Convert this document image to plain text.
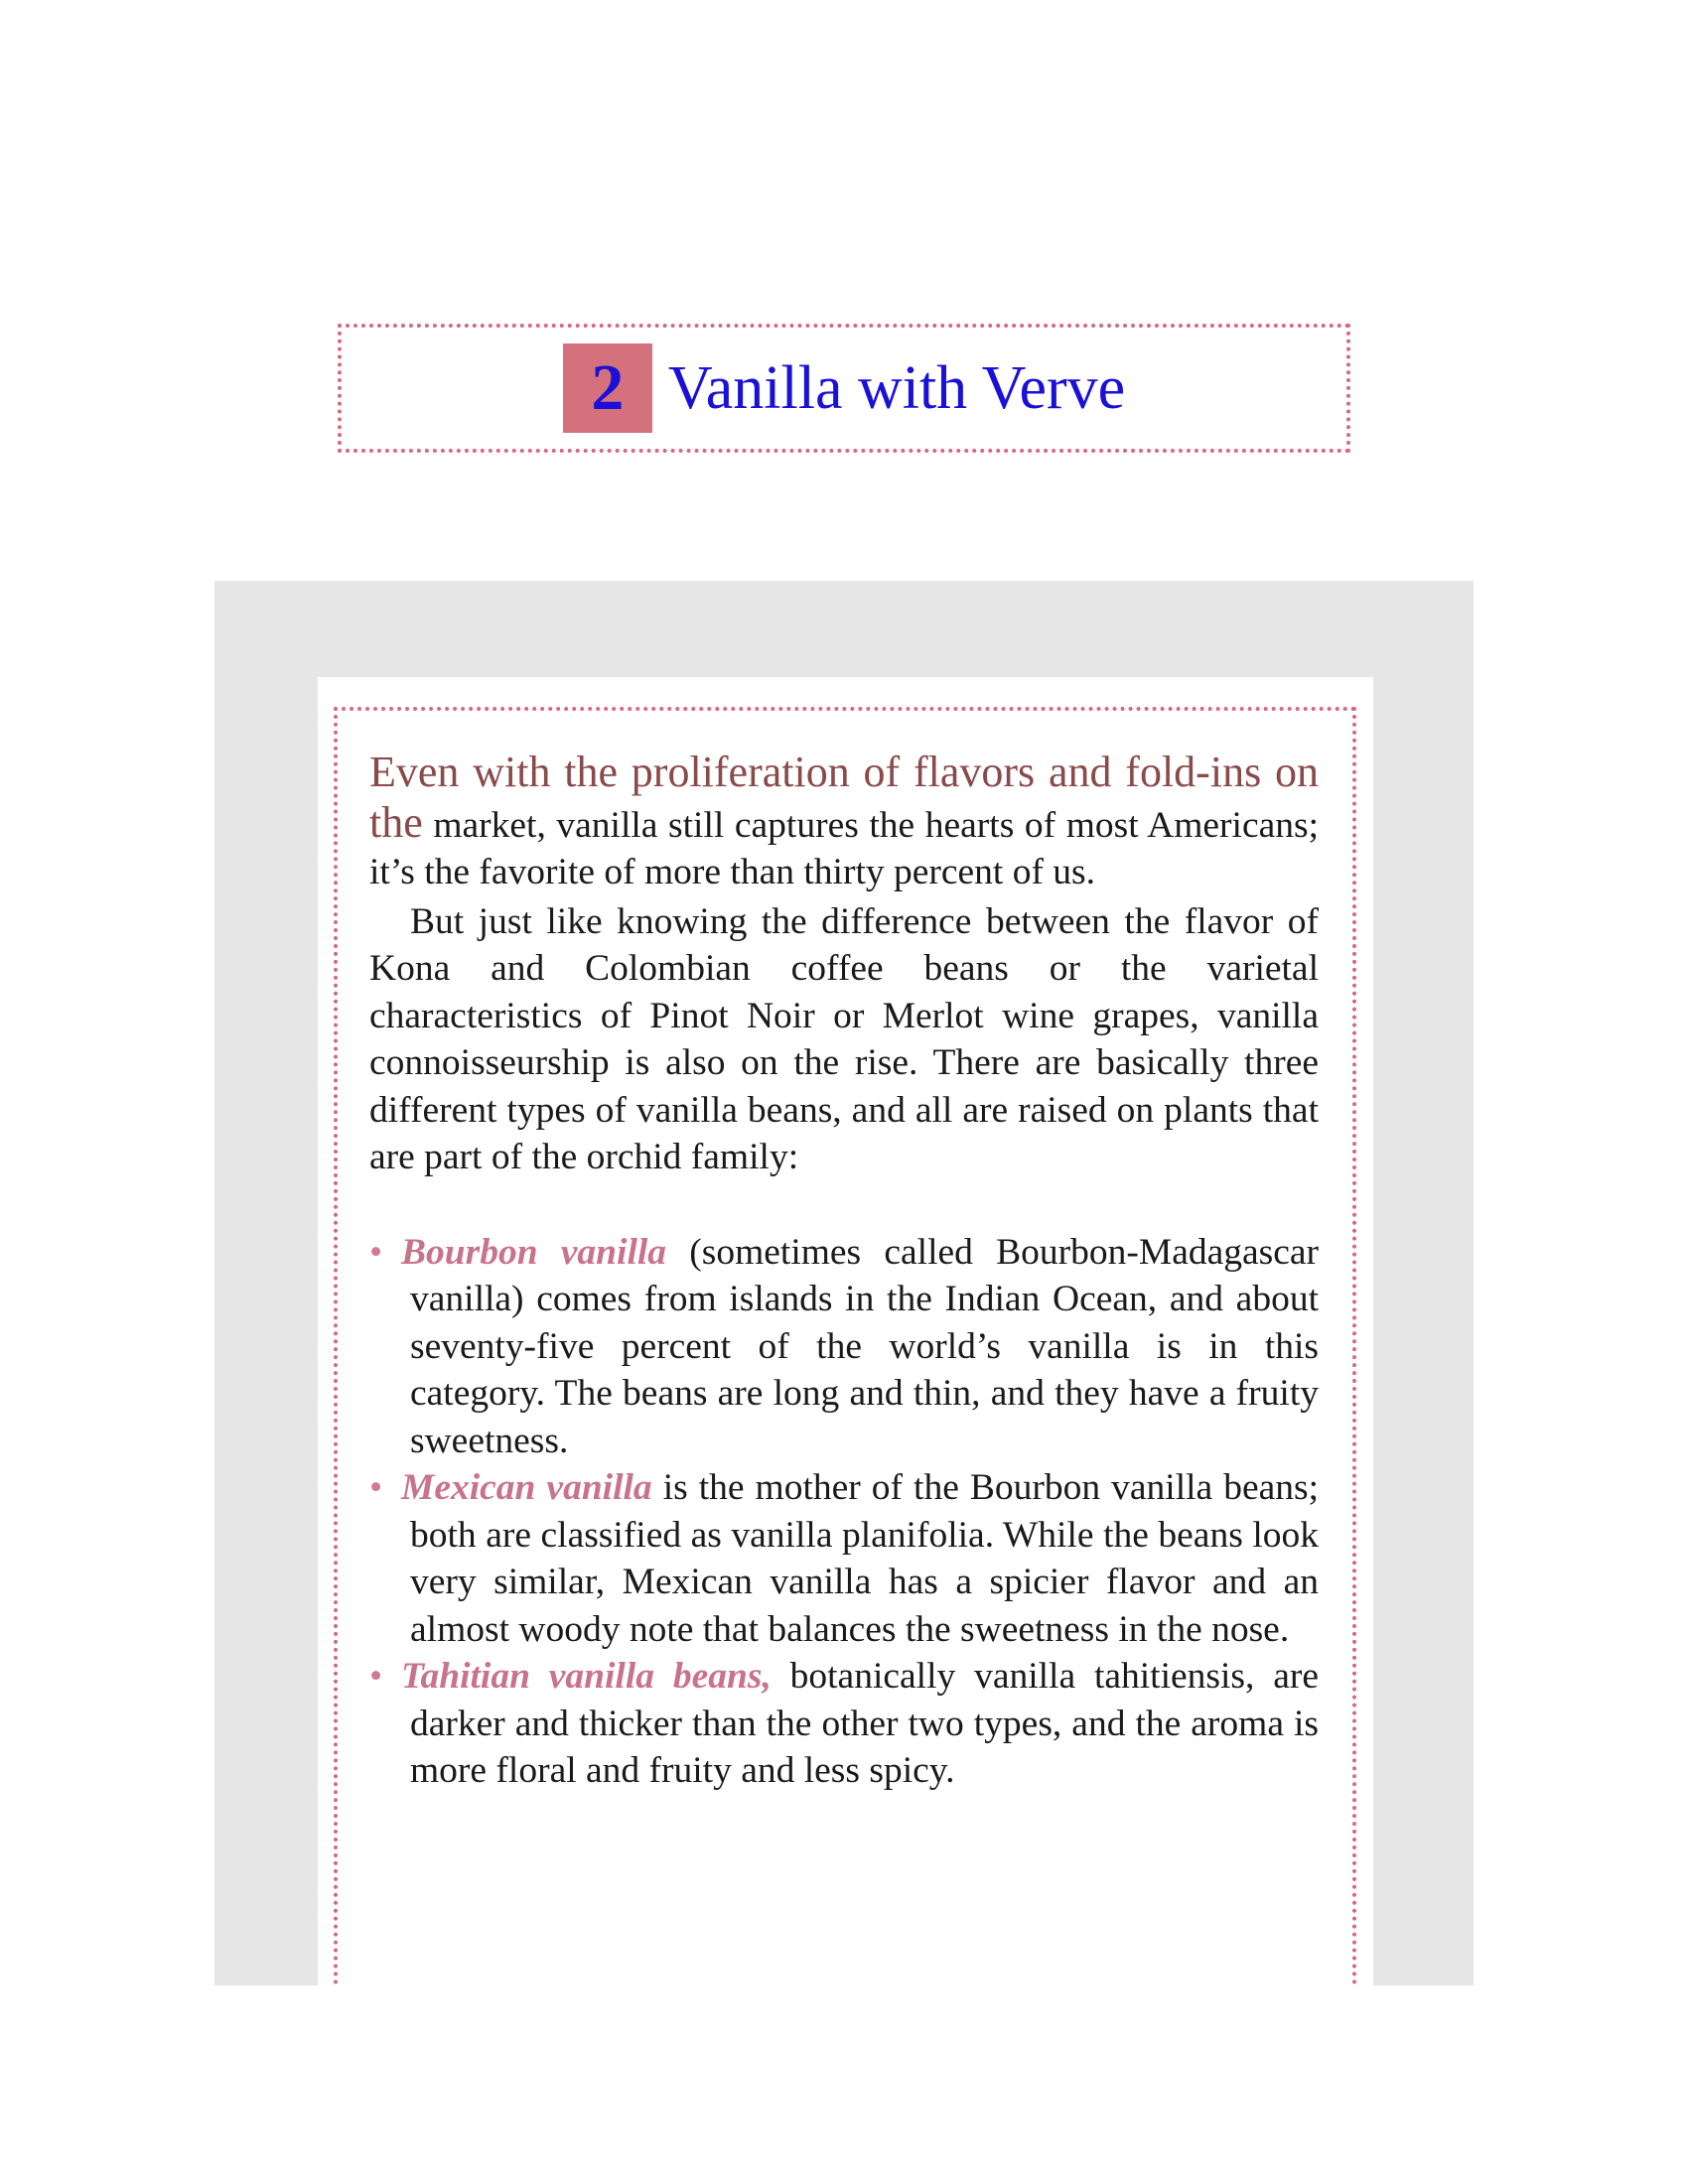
2 Vanilla with Verve

Even with the proliferation of flavors and fold-ins on the market, vanilla still captures the hearts of most Americans; it’s the favorite of more than thirty percent of us.

But just like knowing the difference between the flavor of Kona and Colombian coffee beans or the varietal characteristics of Pinot Noir or Merlot wine grapes, vanilla connoisseurship is also on the rise. There are basically three different types of vanilla beans, and all are raised on plants that are part of the orchid family:

• Bourbon vanilla (sometimes called Bourbon-Madagascar vanilla) comes from islands in the Indian Ocean, and about seventy-five percent of the world’s vanilla is in this category. The beans are long and thin, and they have a fruity sweetness.
• Mexican vanilla is the mother of the Bourbon vanilla beans; both are classified as vanilla planifolia. While the beans look very similar, Mexican vanilla has a spicier flavor and an almost woody note that balances the sweetness in the nose.
• Tahitian vanilla beans, botanically vanilla tahitiensis, are darker and thicker than the other two types, and the aroma is more floral and fruity and less spicy.
